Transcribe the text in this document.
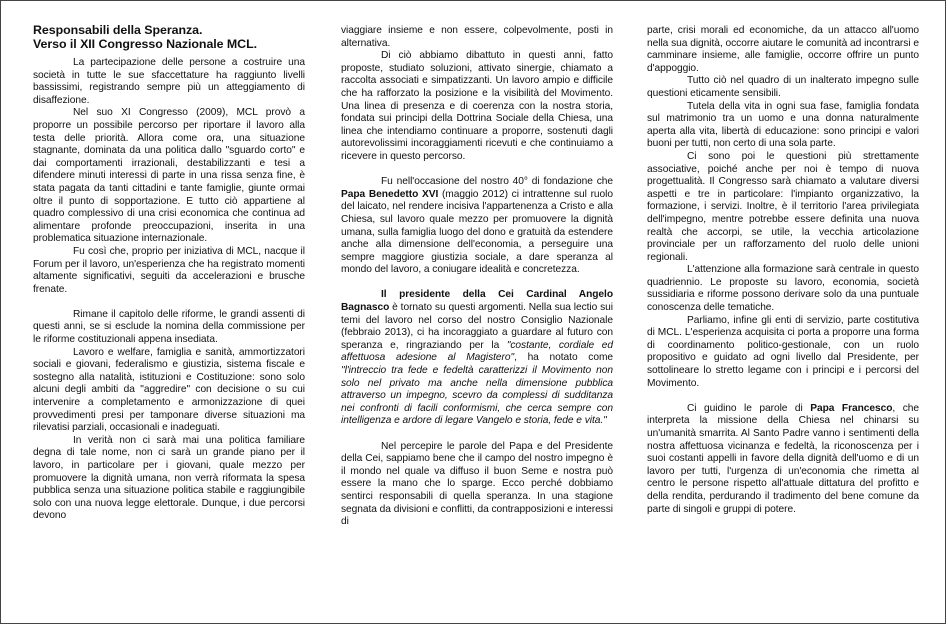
Responsabili della Speranza.
Verso il XII Congresso Nazionale MCL.

La partecipazione delle persone a costruire una società in tutte le sue sfaccettature ha raggiunto livelli bassissimi, registrando sempre più un atteggiamento di disaffezione.

Nel suo XI Congresso (2009), MCL provò a proporre un possibile percorso per riportare il lavoro alla testa delle priorità. Allora come ora, una situazione stagnante, dominata da una politica dallo "sguardo corto" e dai comportamenti irrazionali, destabilizzanti e tesi a difendere minuti interessi di parte in una rissa senza fine, è stata pagata da tanti cittadini e tante famiglie, giunte ormai oltre il punto di sopportazione. E tutto ciò appartiene al quadro complessivo di una crisi economica che continua ad alimentare profonde preoccupazioni, inserita in una problematica situazione internazionale.

Fu così che, proprio per iniziativa di MCL, nacque il Forum per il lavoro, un'esperienza che ha registrato momenti altamente significativi, seguiti da accelerazioni e brusche frenate.

Rimane il capitolo delle riforme, le grandi assenti di questi anni, se si esclude la nomina della commissione per le riforme costituzionali appena insediata.

Lavoro e welfare, famiglia e sanità, ammortizzatori sociali e giovani, federalismo e giustizia, sistema fiscale e sostegno alla natalità, istituzioni e Costituzione: sono solo alcuni degli ambiti da "aggredire" con decisione o su cui intervenire a completamento e armonizzazione di quei provvedimenti presi per tamponare diverse situazioni ma rilevatisi parziali, occasionali e inadeguati.

In verità non ci sarà mai una politica familiare degna di tale nome, non ci sarà un grande piano per il lavoro, in particolare per i giovani, quale mezzo per promuovere la dignità umana, non verrà riformata la spesa pubblica senza una situazione politica stabile e raggiungibile solo con una nuova legge elettorale. Dunque, i due percorsi devono

viaggiare insieme e non essere, colpevolmente, posti in alternativa.

Di ciò abbiamo dibattuto in questi anni, fatto proposte, studiato soluzioni, attivato sinergie, chiamato a raccolta associati e simpatizzanti. Un lavoro ampio e difficile che ha rafforzato la posizione e la visibilità del Movimento. Una linea di presenza e di coerenza con la nostra storia, fondata sui principi della Dottrina Sociale della Chiesa, una linea che intendiamo continuare a proporre, sostenuti dagli autorevolissimi incoraggiamenti ricevuti e che continuiamo a ricevere in questo percorso.

Fu nell'occasione del nostro 40° di fondazione che Papa Benedetto XVI (maggio 2012) ci intrattenne sul ruolo del laicato, nel rendere incisiva l'appartenenza a Cristo e alla Chiesa, sul lavoro quale mezzo per promuovere la dignità umana, sulla famiglia luogo del dono e gratuità da estendere anche alla dimensione dell'economia, a perseguire una sempre maggiore giustizia sociale, a dare speranza al mondo del lavoro, a coniugare idealità e concretezza.

Il presidente della Cei Cardinal Angelo Bagnasco è tornato su questi argomenti. Nella sua lectio sui temi del lavoro nel corso del nostro Consiglio Nazionale (febbraio 2013), ci ha incoraggiato a guardare al futuro con speranza e, ringraziando per la "costante, cordiale ed affettuosa adesione al Magistero", ha notato come "l'intreccio tra fede e fedeltà caratterizzi il Movimento non solo nel privato ma anche nella dimensione pubblica attraverso un impegno, scevro da complessi di sudditanza nei confronti di facili conformismi, che cerca sempre con intelligenza e ardore di legare Vangelo e storia, fede e vita."

Nel percepire le parole del Papa e del Presidente della Cei, sappiamo bene che il campo del nostro impegno è il mondo nel quale va diffuso il buon Seme e nostra può essere la mano che lo sparge. Ecco perché dobbiamo sentirci responsabili di quella speranza. In una stagione segnata da divisioni e conflitti, da contrapposizioni e interessi di

parte, crisi morali ed economiche, da un attacco all'uomo nella sua dignità, occorre aiutare le comunità ad incontrarsi e camminare insieme, alle famiglie, occorre offrire un punto d'appoggio.

Tutto ciò nel quadro di un inalterato impegno sulle questioni eticamente sensibili.

Tutela della vita in ogni sua fase, famiglia fondata sul matrimonio tra un uomo e una donna naturalmente aperta alla vita, libertà di educazione: sono principi e valori buoni per tutti, non certo di una sola parte.

Ci sono poi le questioni più strettamente associative, poiché anche per noi è tempo di nuova progettualità. Il Congresso sarà chiamato a valutare diversi aspetti e tre in particolare: l'impianto organizzativo, la formazione, i servizi. Inoltre, è il territorio l'area privilegiata dell'impegno, mentre potrebbe essere definita una nuova realtà che accorpi, se utile, la vecchia articolazione provinciale per un rafforzamento del ruolo delle unioni regionali.

L'attenzione alla formazione sarà centrale in questo quadriennio. Le proposte su lavoro, economia, società sussidiaria e riforme possono derivare solo da una puntuale conoscenza delle tematiche.

Parliamo, infine gli enti di servizio, parte costitutiva di MCL. L'esperienza acquisita ci porta a proporre una forma di coordinamento politico-gestionale, con un ruolo propositivo e guidato ad ogni livello dal Presidente, per sottolineare lo stretto legame con i principi e i percorsi del Movimento.

Ci guidino le parole di Papa Francesco, che interpreta la missione della Chiesa nel chinarsi su un'umanità smarrita. Al Santo Padre vanno i sentimenti della nostra affettuosa vicinanza e fedeltà, la riconoscenza per i suoi costanti appelli in favore della dignità dell'uomo e di un lavoro per tutti, l'urgenza di un'economia che rimetta al centro le persone rispetto all'attuale dittatura del profitto e della rendita, perdurando il tradimento del bene comune da parte di singoli e gruppi di potere.
